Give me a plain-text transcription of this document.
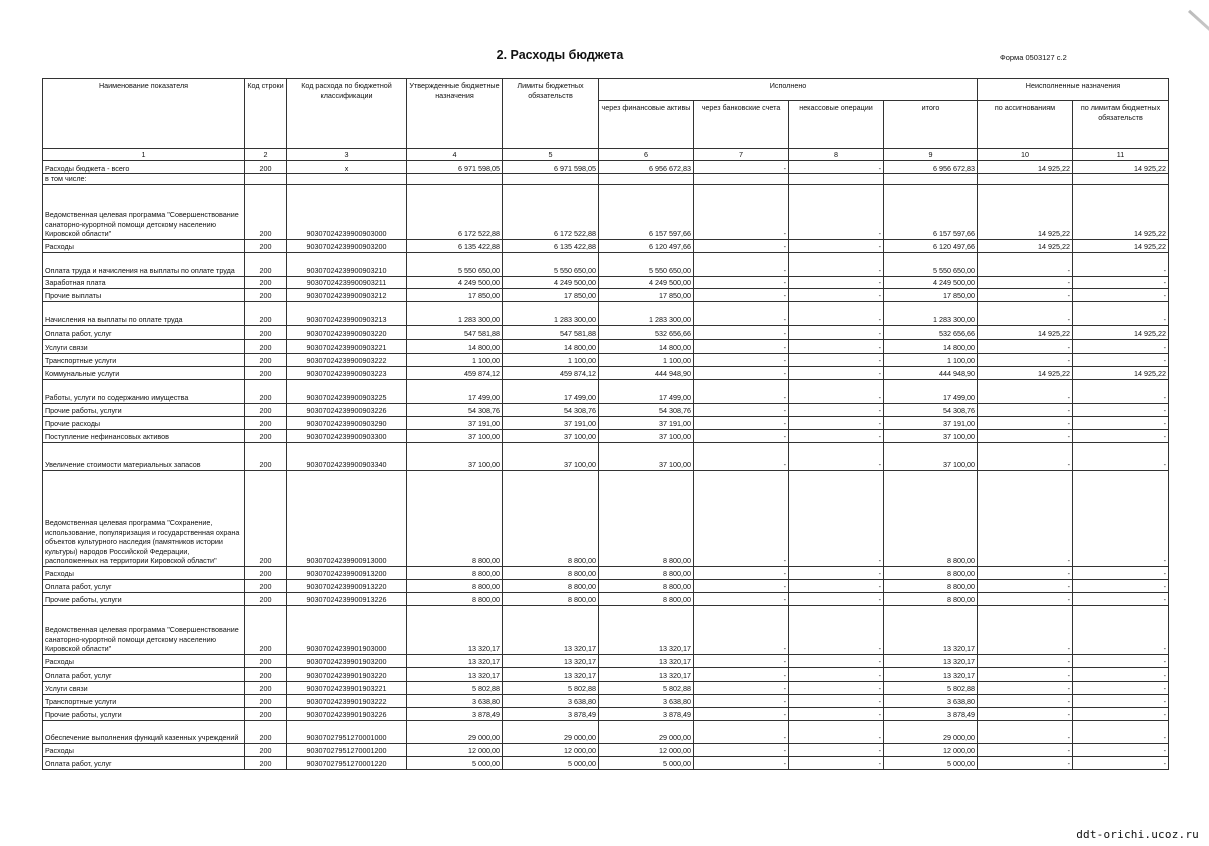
2. Расходы бюджета	Форма 0503127 с.2
Наименование показателя	Код строки	Код расхода по бюджетной классификации	Утвержденные бюджетные назначения	Лимиты бюджетных обязательств	Исполнено				Неисполненные назначения	
					через финансовые активы	через банковские счета	некассовые операции	итого	по ассигнованиям	по лимитам бюджетных обязательств
1	2	3	4	5	6	7	8	9	10	11
Расходы бюджета - всего	200	x	6 971 598,05	6 971 598,05	6 956 672,83	-	-	6 956 672,83	14 925,22	14 925,22
в том числе:										
Ведомственная целевая программа "Совершенствование санаторно-курортной помощи детскому населению Кировской области"	200	90307024239900903000	6 172 522,88	6 172 522,88	6 157 597,66	-	-	6 157 597,66	14 925,22	14 925,22
Расходы	200	90307024239900903200	6 135 422,88	6 135 422,88	6 120 497,66	-	-	6 120 497,66	14 925,22	14 925,22
Оплата труда и начисления на выплаты по оплате труда	200	90307024239900903210	5 550 650,00	5 550 650,00	5 550 650,00	-	-	5 550 650,00	-	-
Заработная плата	200	90307024239900903211	4 249 500,00	4 249 500,00	4 249 500,00	-	-	4 249 500,00	-	-
Прочие выплаты	200	90307024239900903212	17 850,00	17 850,00	17 850,00	-	-	17 850,00	-	-
Начисления на выплаты по оплате труда	200	90307024239900903213	1 283 300,00	1 283 300,00	1 283 300,00	-	-	1 283 300,00	-	-
Оплата работ, услуг	200	90307024239900903220	547 581,88	547 581,88	532 656,66	-	-	532 656,66	14 925,22	14 925,22
Услуги связи	200	90307024239900903221	14 800,00	14 800,00	14 800,00	-	-	14 800,00	-	-
Транспортные услуги	200	90307024239900903222	1 100,00	1 100,00	1 100,00	-	-	1 100,00	-	-
Коммунальные услуги	200	90307024239900903223	459 874,12	459 874,12	444 948,90	-	-	444 948,90	14 925,22	14 925,22
Работы, услуги по содержанию имущества	200	90307024239900903225	17 499,00	17 499,00	17 499,00	-	-	17 499,00	-	-
Прочие работы, услуги	200	90307024239900903226	54 308,76	54 308,76	54 308,76	-	-	54 308,76	-	-
Прочие расходы	200	90307024239900903290	37 191,00	37 191,00	37 191,00	-	-	37 191,00	-	-
Поступление нефинансовых активов	200	90307024239900903300	37 100,00	37 100,00	37 100,00	-	-	37 100,00	-	-
Увеличение стоимости материальных запасов	200	90307024239900903340	37 100,00	37 100,00	37 100,00	-	-	37 100,00	-	-
Ведомственная целевая программа "Сохранение, использование, популяризация и государственная охрана объектов культурного наследия (памятников истории культуры) народов Российской Федерации, расположенных на территории Кировской области"	200	90307024239900913000	8 800,00	8 800,00	8 800,00	-	-	8 800,00	-	-
Расходы	200	90307024239900913200	8 800,00	8 800,00	8 800,00	-	-	8 800,00	-	-
Оплата работ, услуг	200	90307024239900913220	8 800,00	8 800,00	8 800,00	-	-	8 800,00	-	-
Прочие работы, услуги	200	90307024239900913226	8 800,00	8 800,00	8 800,00	-	-	8 800,00	-	-
Ведомственная целевая программа "Совершенствование санаторно-курортной помощи детскому населению Кировской области"	200	90307024239901903000	13 320,17	13 320,17	13 320,17	-	-	13 320,17	-	-
Расходы	200	90307024239901903200	13 320,17	13 320,17	13 320,17	-	-	13 320,17	-	-
Оплата работ, услуг	200	90307024239901903220	13 320,17	13 320,17	13 320,17	-	-	13 320,17	-	-
Услуги связи	200	90307024239901903221	5 802,88	5 802,88	5 802,88	-	-	5 802,88	-	-
Транспортные услуги	200	90307024239901903222	3 638,80	3 638,80	3 638,80	-	-	3 638,80	-	-
Прочие работы, услуги	200	90307024239901903226	3 878,49	3 878,49	3 878,49	-	-	3 878,49	-	-
Обеспечение выполнения функций казенных учреждений	200	90307027951270001000	29 000,00	29 000,00	29 000,00	-	-	29 000,00	-	-
Расходы	200	90307027951270001200	12 000,00	12 000,00	12 000,00	-	-	12 000,00	-	-
Оплата работ, услуг	200	90307027951270001220	5 000,00	5 000,00	5 000,00	-	-	5 000,00	-	-
ddt-orichi.ucoz.ru
